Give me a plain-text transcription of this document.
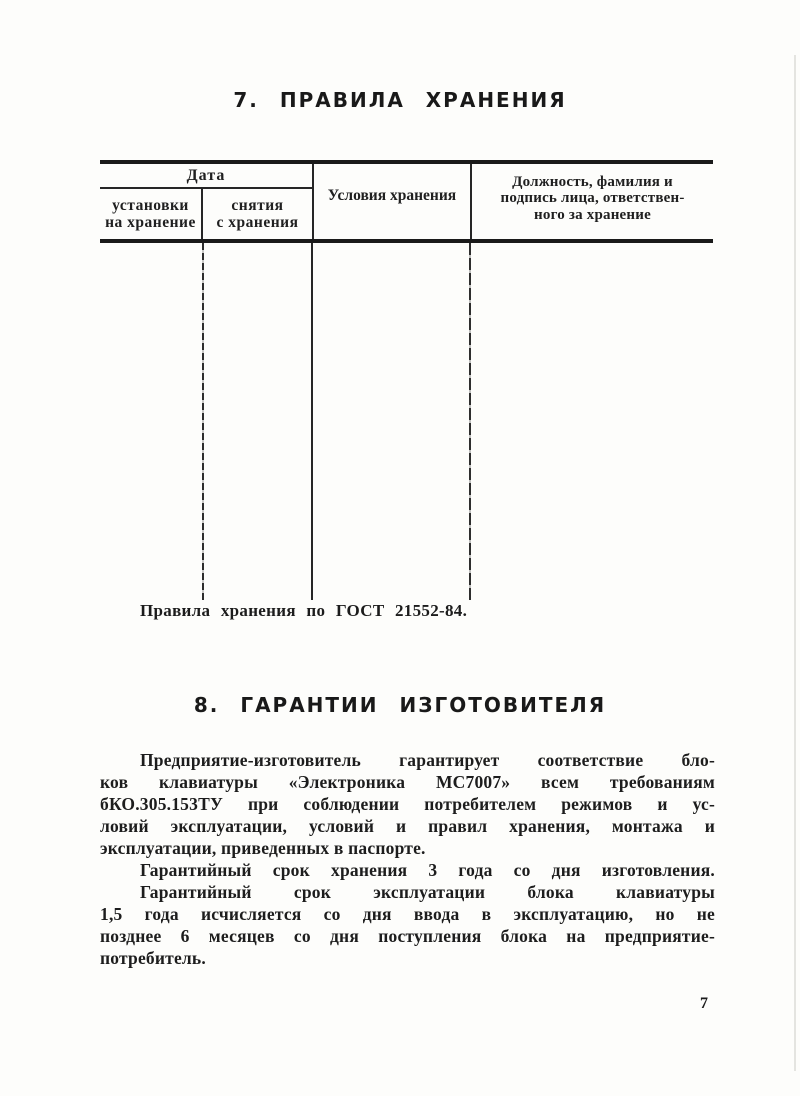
7. ПРАВИЛА ХРАНЕНИЯ
Дата
установки
на хранение
снятия
с хранения
Условия хранения
Должность, фамилия и
подпись лица, ответствен-
ного за хранение

Правила хранения по ГОСТ 21552-84.

8. ГАРАНТИИ ИЗГОТОВИТЕЛЯ
Предприятие-изготовитель гарантирует соответствие бло-
ков клавиатуры «Электроника МС7007» всем требованиям
бКО.305.153ТУ при соблюдении потребителем режимов и ус-
ловий эксплуатации, условий и правил хранения, монтажа и
эксплуатации, приведенных в паспорте.
Гарантийный срок хранения 3 года со дня изготовления.
Гарантийный срок эксплуатации блока клавиатуры
1,5 года исчисляется со дня ввода в эксплуатацию, но не
позднее 6 месяцев со дня поступления блока на предприятие-
потребитель.
7
